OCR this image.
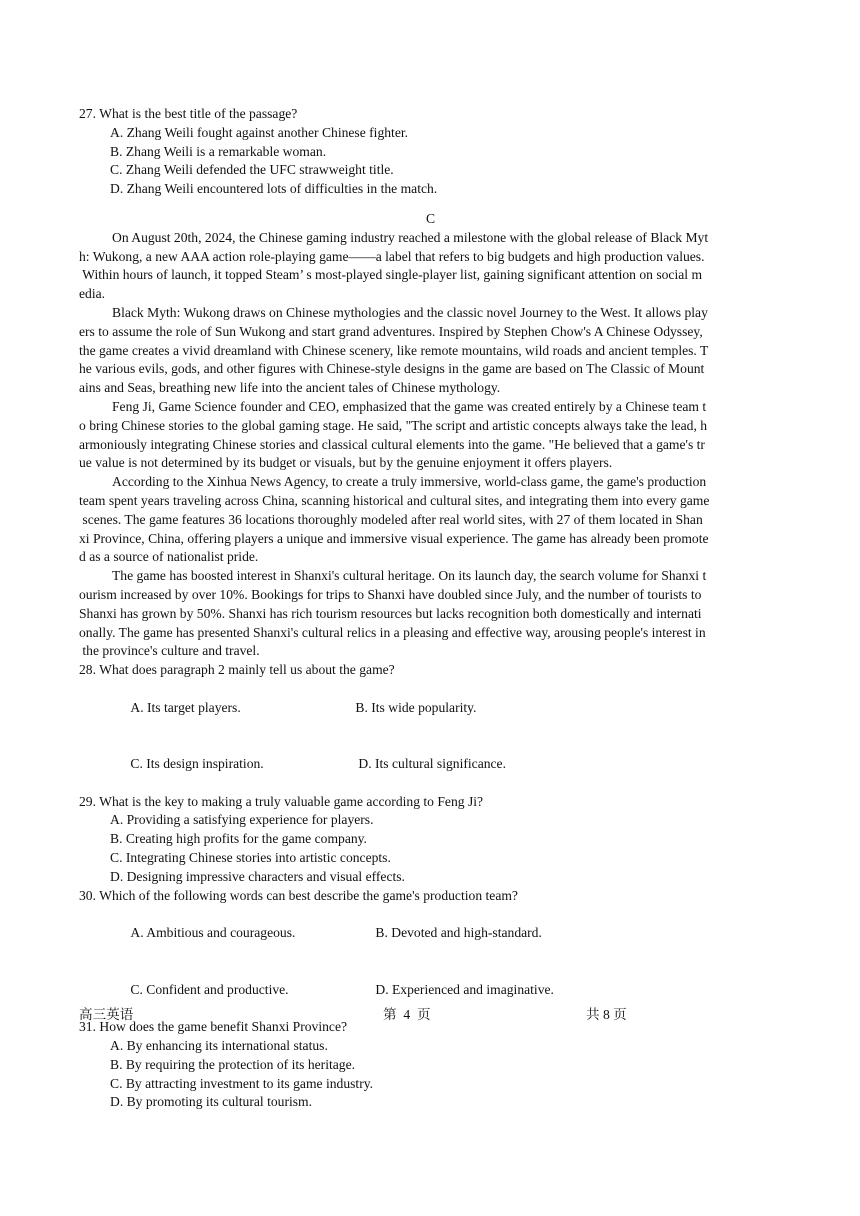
27. What is the best title of the passage?
A. Zhang Weili fought against another Chinese fighter.
B. Zhang Weili is a remarkable woman.
C. Zhang Weili defended the UFC strawweight title.
D. Zhang Weili encountered lots of difficulties in the match.
C
On August 20th, 2024, the Chinese gaming industry reached a milestone with the global release of Black Myt
h: Wukong, a new AAA action role-playing game——a label that refers to big budgets and high production values.
Within hours of launch, it topped Steam’ s most-played single-player list, gaining significant attention on social m
edia.
Black Myth: Wukong draws on Chinese mythologies and the classic novel Journey to the West. It allows play
ers to assume the role of Sun Wukong and start grand adventures. Inspired by Stephen Chow's A Chinese Odyssey,
the game creates a vivid dreamland with Chinese scenery, like remote mountains, wild roads and ancient temples. T
he various evils, gods, and other figures with Chinese-style designs in the game are based on The Classic of Mount
ains and Seas, breathing new life into the ancient tales of Chinese mythology.
Feng Ji, Game Science founder and CEO, emphasized that the game was created entirely by a Chinese team t
o bring Chinese stories to the global gaming stage. He said, "The script and artistic concepts always take the lead, h
armoniously integrating Chinese stories and classical cultural elements into the game. "He believed that a game's tr
ue value is not determined by its budget or visuals, but by the genuine enjoyment it offers players.
According to the Xinhua News Agency, to create a truly immersive, world-class game, the game's production
team spent years traveling across China, scanning historical and cultural sites, and integrating them into every game
scenes. The game features 36 locations thoroughly modeled after real world sites, with 27 of them located in Shan
xi Province, China, offering players a unique and immersive visual experience. The game has already been promote
d as a source of nationalist pride.
The game has boosted interest in Shanxi's cultural heritage. On its launch day, the search volume for Shanxi t
ourism increased by over 10%. Bookings for trips to Shanxi have doubled since July, and the number of tourists to
Shanxi has grown by 50%. Shanxi has rich tourism resources but lacks recognition both domestically and internati
onally. The game has presented Shanxi's cultural relics in a pleasing and effective way, arousing people's interest in
the province's culture and travel.
28. What does paragraph 2 mainly tell us about the game?

A. Its target players.	B. Its wide popularity.

C. Its design inspiration.	D. Its cultural significance.

29. What is the key to making a truly valuable game according to Feng Ji?
A. Providing a satisfying experience for players.
B. Creating high profits for the game company.
C. Integrating Chinese stories into artistic concepts.
D. Designing impressive characters and visual effects.
30. Which of the following words can best describe the game's production team?

A. Ambitious and courageous.	B. Devoted and high-standard.

C. Confident and productive.	D. Experienced and imaginative.

31. How does the game benefit Shanxi Province?
A. By enhancing its international status.
B. By requiring the protection of its heritage.
C. By attracting investment to its game industry.
D. By promoting its cultural tourism.
高三英语	第  4  页	共 8 页
